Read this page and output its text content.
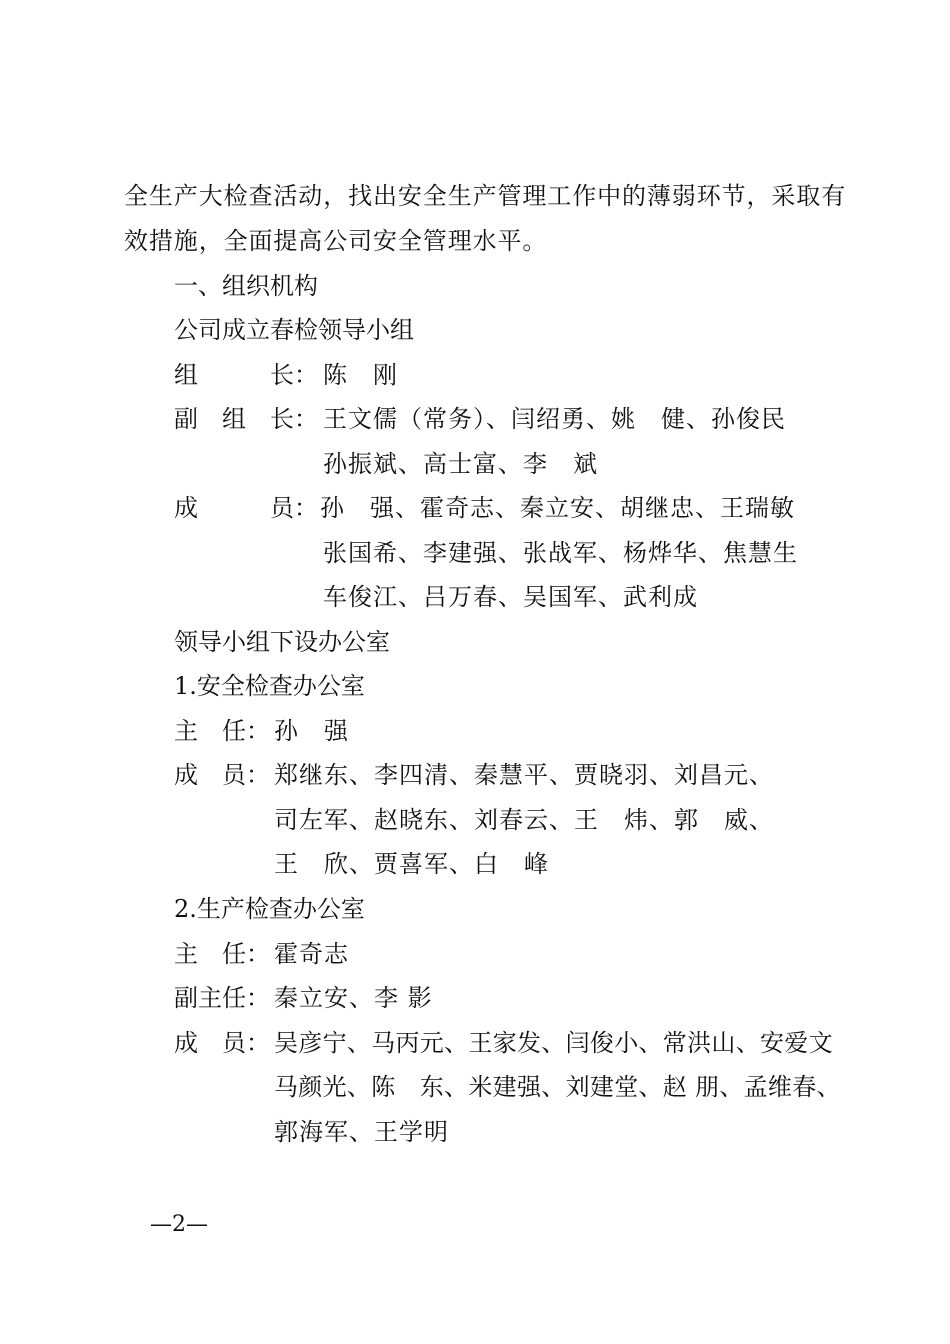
全生产大检查活动，找出安全生产管理工作中的薄弱环节，采取有
效措施，全面提高公司安全管理水平。
一、组织机构
公司成立春检领导小组
组　　　长： 陈　刚
副　组　长： 王文儒（常务）、闫绍勇、姚　健、孙俊民
孙振斌、高士富、李　斌
成　　　员： 孙　强、霍奇志、秦立安、胡继忠、王瑞敏
张国希、李建强、张战军、杨烨华、焦慧生
车俊江、吕万春、吴国军、武利成
领导小组下设办公室
1.安全检查办公室
主　任： 孙　强
成　员： 郑继东、李四清、秦慧平、贾晓羽、刘昌元、
司左军、赵晓东、刘春云、王　炜、郭　威、
王　欣、贾喜军、白　峰
2.生产检查办公室
主　任： 霍奇志
副主任： 秦立安、李 影
成　员： 吴彦宁、马丙元、王家发、闫俊小、常洪山、安爱文
马颜光、陈　东、米建强、刘建堂、赵 朋、孟维春、
郭海军、王学明
—2—
